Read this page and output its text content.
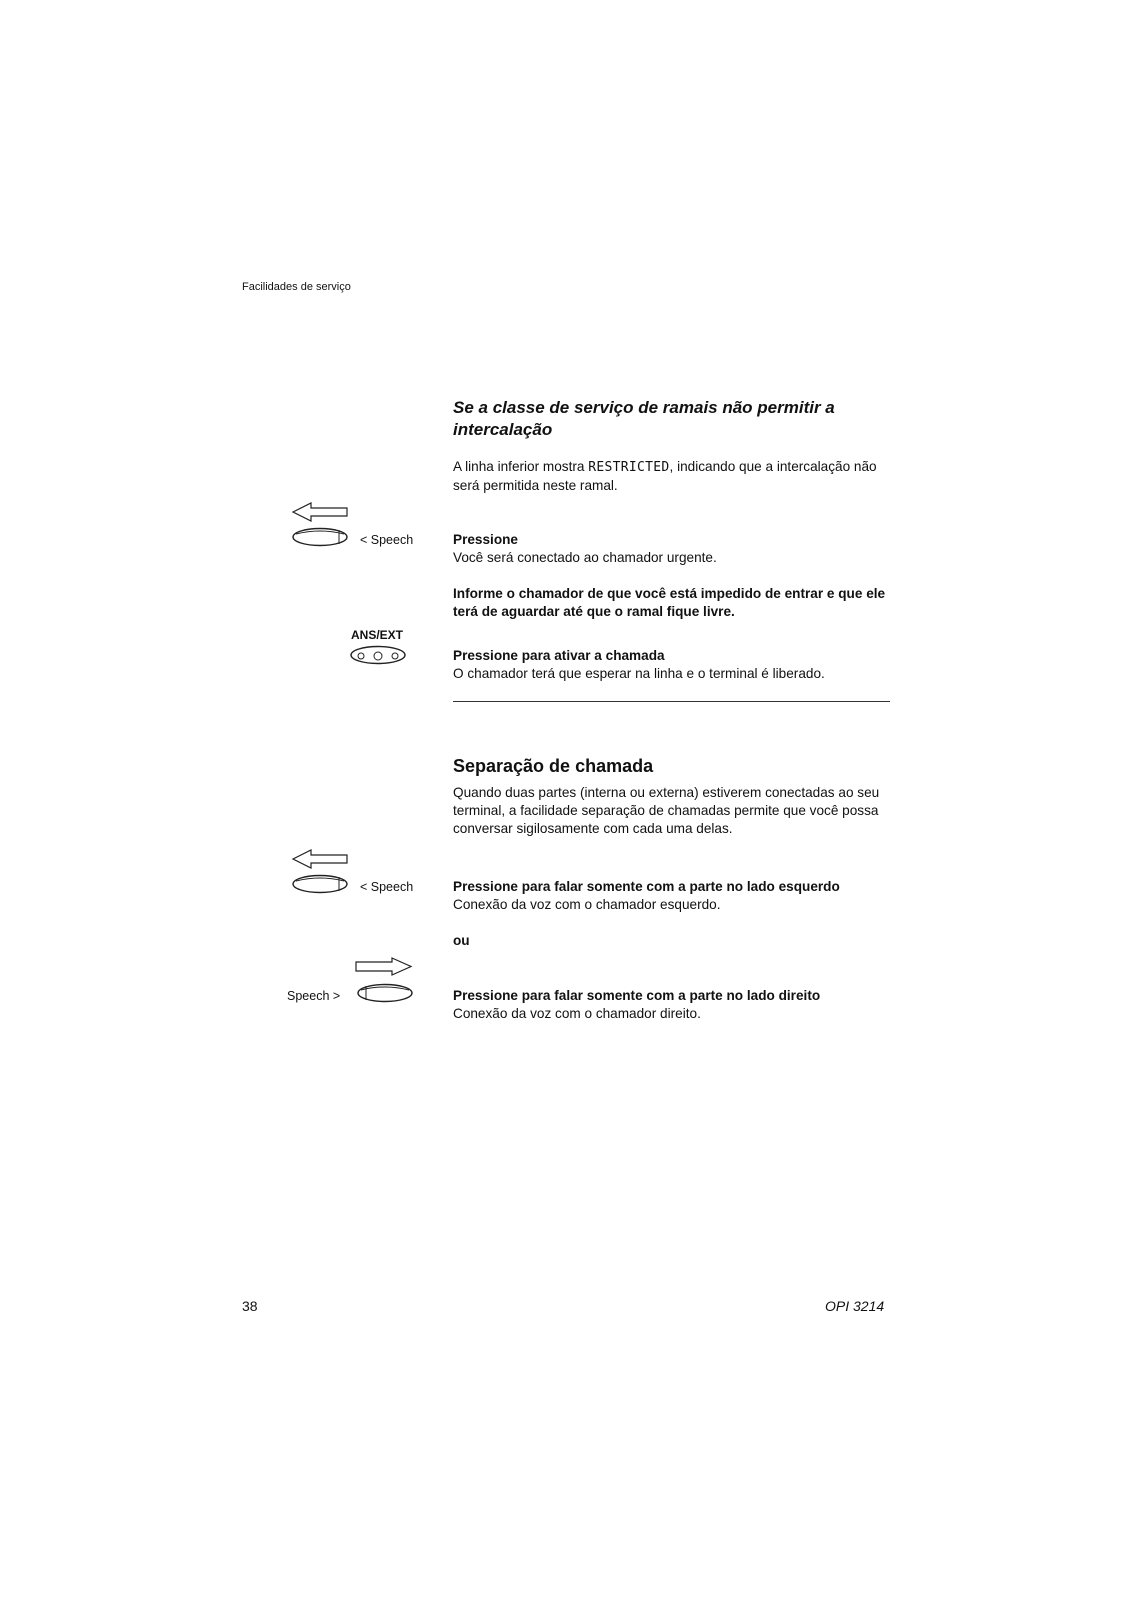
Facilidades de serviço
Se a classe de serviço de ramais não permitir a intercalação
A linha inferior mostra RESTRICTED, indicando que a intercalação não será permitida neste ramal.
< Speech	Pressione
Você será conectado ao chamador urgente.
Informe o chamador de que você está impedido de entrar e que ele terá de aguardar até que o ramal fique livre.
ANS/EXT
Pressione para ativar a chamada
O chamador terá que esperar na linha e o terminal é liberado.
Separação de chamada
Quando duas partes (interna ou externa) estiverem conectadas ao seu terminal, a facilidade separação de chamadas permite que você possa conversar sigilosamente com cada uma delas.
< Speech	Pressione para falar somente com a parte no lado esquerdo
Conexão da voz com o chamador esquerdo.
ou
Speech >	Pressione para falar somente com a parte no lado direito
Conexão da voz com o chamador direito.
38	OPI 3214
